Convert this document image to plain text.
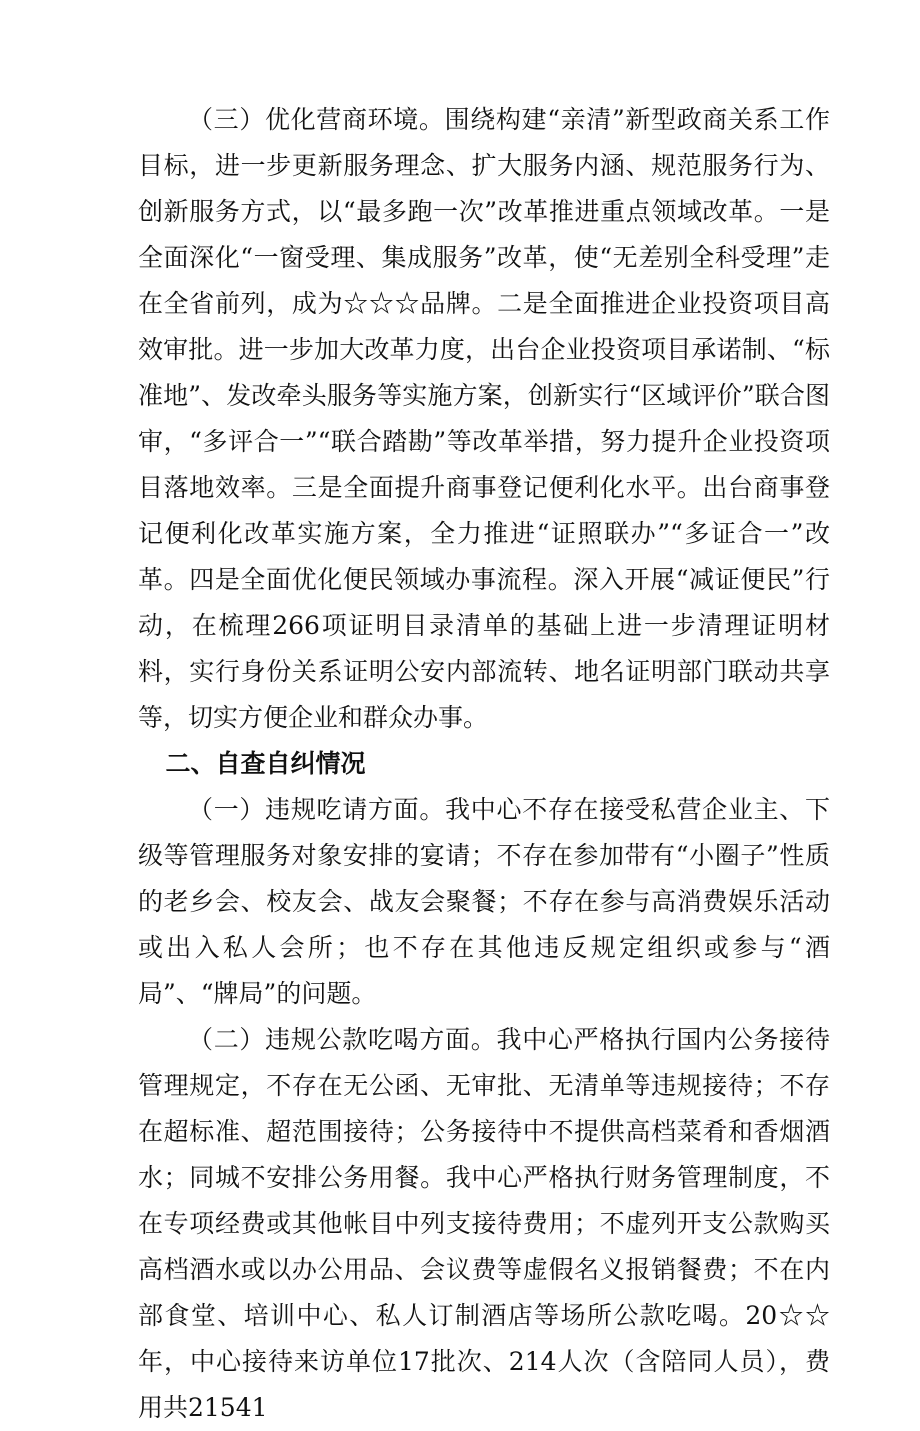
（三）优化营商环境。围绕构建“亲清”新型政商关系工作目标，进一步更新服务理念、扩大服务内涵、规范服务行为、创新服务方式，以“最多跑一次”改革推进重点领域改革。一是全面深化“一窗受理、集成服务”改革，使“无差别全科受理”走在全省前列，成为☆☆☆品牌。二是全面推进企业投资项目高效审批。进一步加大改革力度，出台企业投资项目承诺制、“标准地”、发改牵头服务等实施方案，创新实行“区域评价”联合图审，“多评合一”“联合踏勘”等改革举措，努力提升企业投资项目落地效率。三是全面提升商事登记便利化水平。出台商事登记便利化改革实施方案，全力推进“证照联办”“多证合一”改革。四是全面优化便民领域办事流程。深入开展“减证便民”行动，在梳理266项证明目录清单的基础上进一步清理证明材料，实行身份关系证明公安内部流转、地名证明部门联动共享等，切实方便企业和群众办事。

二、自查自纠情况

（一）违规吃请方面。我中心不存在接受私营企业主、下级等管理服务对象安排的宴请；不存在参加带有“小圈子”性质的老乡会、校友会、战友会聚餐；不存在参与高消费娱乐活动或出入私人会所；也不存在其他违反规定组织或参与“酒局”、“牌局”的问题。

（二）违规公款吃喝方面。我中心严格执行国内公务接待管理规定，不存在无公函、无审批、无清单等违规接待；不存在超标准、超范围接待；公务接待中不提供高档菜肴和香烟酒水；同城不安排公务用餐。我中心严格执行财务管理制度，不在专项经费或其他帐目中列支接待费用；不虚列开支公款购买高档酒水或以办公用品、会议费等虚假名义报销餐费；不在内部食堂、培训中心、私人订制酒店等场所公款吃喝。20☆☆年，中心接待来访单位17批次、214人次（含陪同人员），费用共21541
